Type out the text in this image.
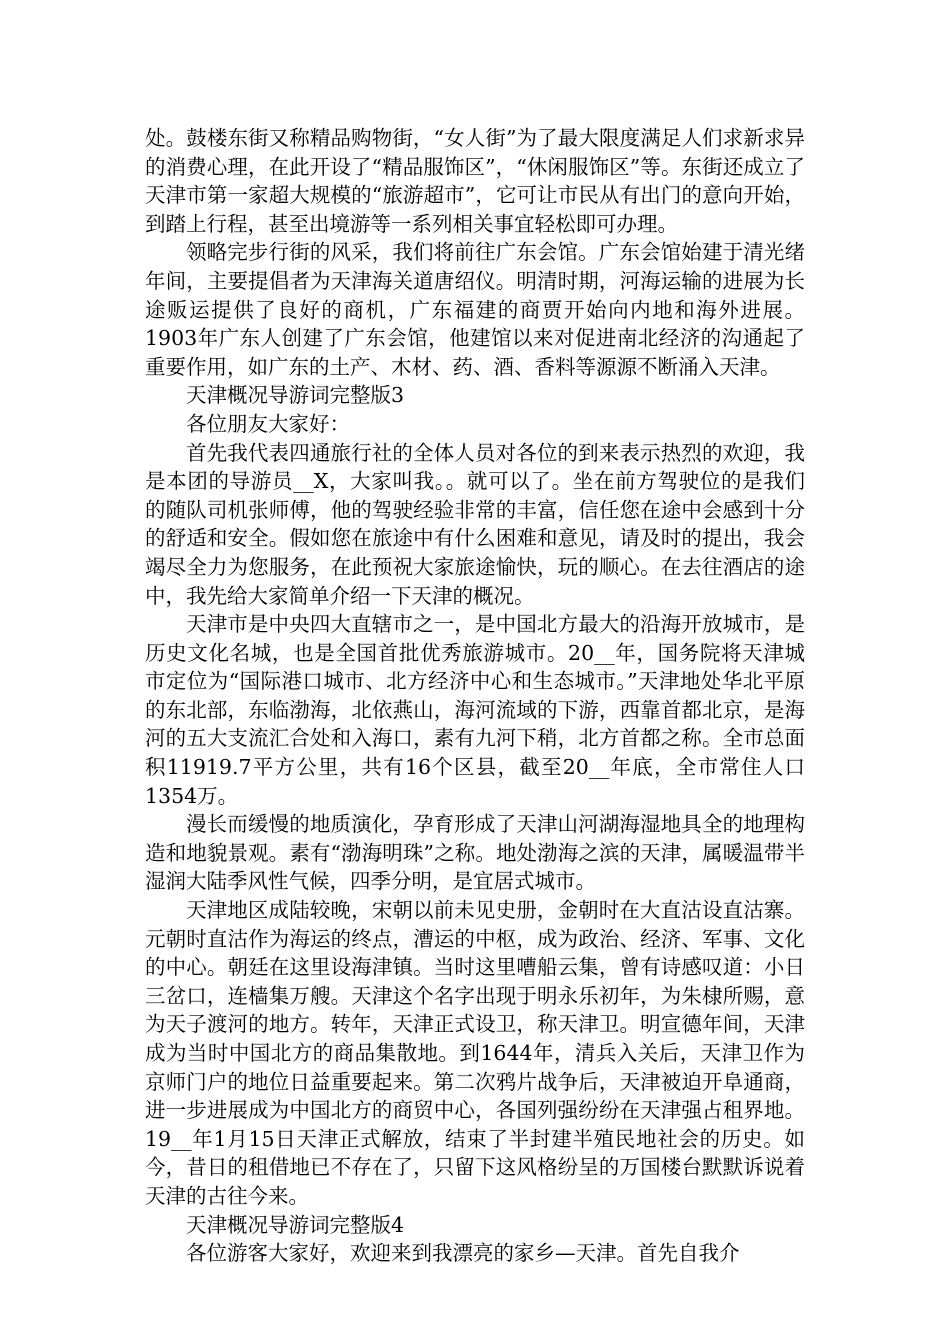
处。鼓楼东街又称精品购物街，“女人街”为了最大限度满足人们求新求异的消费心理，在此开设了“精品服饰区”，“休闲服饰区”等。东街还成立了天津市第一家超大规模的“旅游超市”，它可让市民从有出门的意向开始，到踏上行程，甚至出境游等一系列相关事宜轻松即可办理。

领略完步行街的风采，我们将前往广东会馆。广东会馆始建于清光绪年间，主要提倡者为天津海关道唐绍仪。明清时期，河海运输的进展为长途贩运提供了良好的商机，广东福建的商贾开始向内地和海外进展。1903年广东人创建了广东会馆，他建馆以来对促进南北经济的沟通起了重要作用，如广东的土产、木材、药、酒、香料等源源不断涌入天津。

天津概况导游词完整版3

各位朋友大家好：

首先我代表四通旅行社的全体人员对各位的到来表示热烈的欢迎，我是本团的导游员__X，大家叫我。。就可以了。坐在前方驾驶位的是我们的随队司机张师傅，他的驾驶经验非常的丰富，信任您在途中会感到十分的舒适和安全。假如您在旅途中有什么困难和意见，请及时的提出，我会竭尽全力为您服务，在此预祝大家旅途愉快，玩的顺心。在去往酒店的途中，我先给大家简单介绍一下天津的概况。

天津市是中央四大直辖市之一，是中国北方最大的沿海开放城市，是历史文化名城，也是全国首批优秀旅游城市。20__年，国务院将天津城市定位为“国际港口城市、北方经济中心和生态城市。”天津地处华北平原的东北部，东临渤海，北依燕山，海河流域的下游，西靠首都北京，是海河的五大支流汇合处和入海口，素有九河下稍，北方首都之称。全市总面积11919.7平方公里，共有16个区县，截至20__年底，全市常住人口1354万。

漫长而缓慢的地质演化，孕育形成了天津山河湖海湿地具全的地理构造和地貌景观。素有“渤海明珠”之称。地处渤海之滨的天津，属暖温带半湿润大陆季风性气候，四季分明，是宜居式城市。

天津地区成陆较晚，宋朝以前未见史册，金朝时在大直沽设直沽寨。元朝时直沽作为海运的终点，漕运的中枢，成为政治、经济、军事、文化的中心。朝廷在这里设海津镇。当时这里嘈船云集，曾有诗感叹道：小日三岔口，连樯集万艘。天津这个名字出现于明永乐初年，为朱棣所赐，意为天子渡河的地方。转年，天津正式设卫，称天津卫。明宣德年间，天津成为当时中国北方的商品集散地。到1644年，清兵入关后，天津卫作为京师门户的地位日益重要起来。第二次鸦片战争后，天津被迫开阜通商，进一步进展成为中国北方的商贸中心，各国列强纷纷在天津强占租界地。19__年1月15日天津正式解放，结束了半封建半殖民地社会的历史。如今，昔日的租借地已不存在了，只留下这风格纷呈的万国楼台默默诉说着天津的古往今来。

天津概况导游词完整版4

各位游客大家好，欢迎来到我漂亮的家乡—天津。首先自我介
